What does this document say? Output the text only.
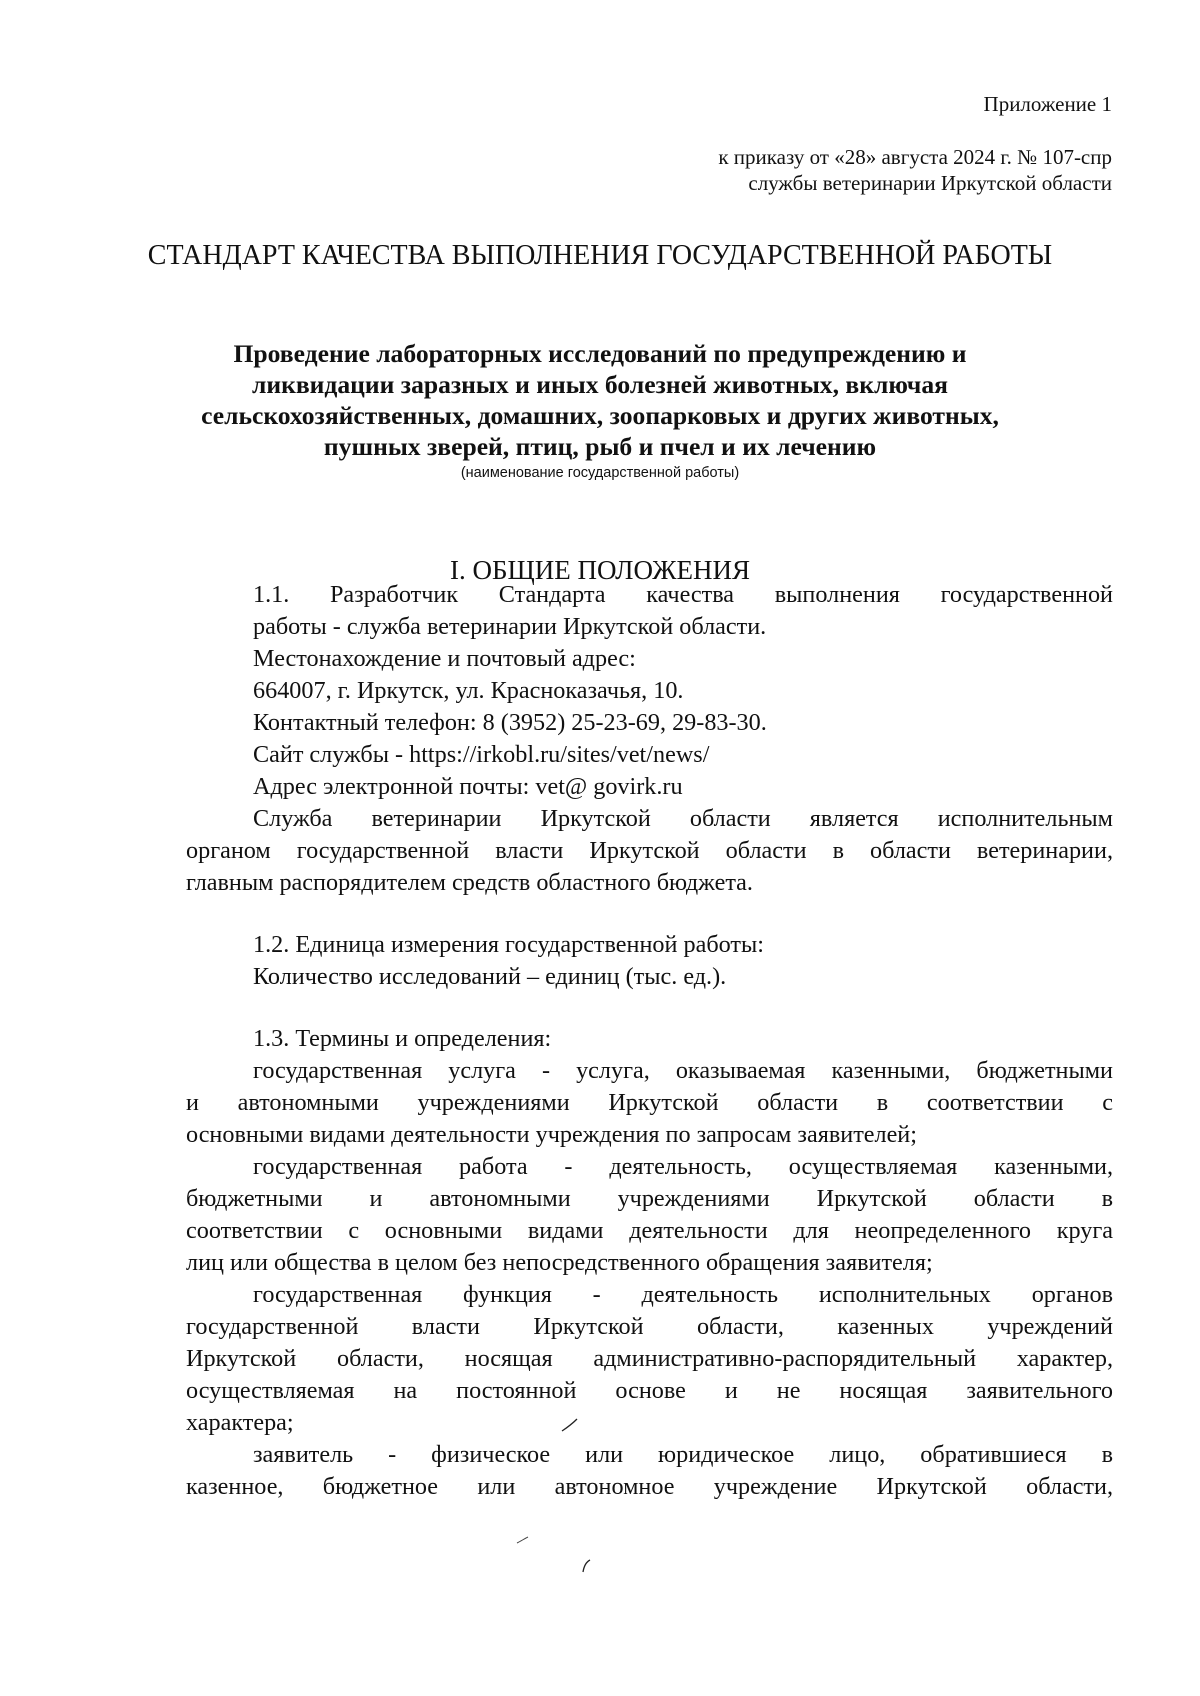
Приложение 1
к приказу от «28» августа 2024 г. № 107-спр
службы ветеринарии Иркутской области
СТАНДАРТ КАЧЕСТВА ВЫПОЛНЕНИЯ ГОСУДАРСТВЕННОЙ РАБОТЫ
Проведение лабораторных исследований по предупреждению и
ликвидации заразных и иных болезней животных, включая
сельскохозяйственных, домашних, зоопарковых и других животных,
пушных зверей, птиц, рыб и пчел и их лечению
(наименование государственной работы)
I. ОБЩИЕ ПОЛОЖЕНИЯ
1.1. Разработчик Стандарта качества выполнения государственной
работы - служба ветеринарии Иркутской области.
Местонахождение и почтовый адрес:
664007, г. Иркутск, ул. Красноказачья, 10.
Контактный телефон: 8 (3952) 25-23-69, 29-83-30.
Сайт службы - https://irkobl.ru/sites/vet/news/
Адрес электронной почты: vet@ govirk.ru
Служба ветеринарии Иркутской области является исполнительным
органом государственной власти Иркутской области в области ветеринарии,
главным распорядителем средств областного бюджета.
1.2. Единица измерения государственной работы:
Количество исследований – единиц (тыс. ед.).
1.3. Термины и определения:
государственная услуга - услуга, оказываемая казенными, бюджетными
и автономными учреждениями Иркутской области в соответствии с
основными видами деятельности учреждения по запросам заявителей;
государственная работа - деятельность, осуществляемая казенными,
бюджетными и автономными учреждениями Иркутской области в
соответствии с основными видами деятельности для неопределенного круга
лиц или общества в целом без непосредственного обращения заявителя;
государственная функция - деятельность исполнительных органов
государственной власти Иркутской области, казенных учреждений
Иркутской области, носящая административно-распорядительный характер,
осуществляемая на постоянной основе и не носящая заявительного
характера;
заявитель - физическое или юридическое лицо, обратившиеся в
казенное, бюджетное или автономное учреждение Иркутской области,
